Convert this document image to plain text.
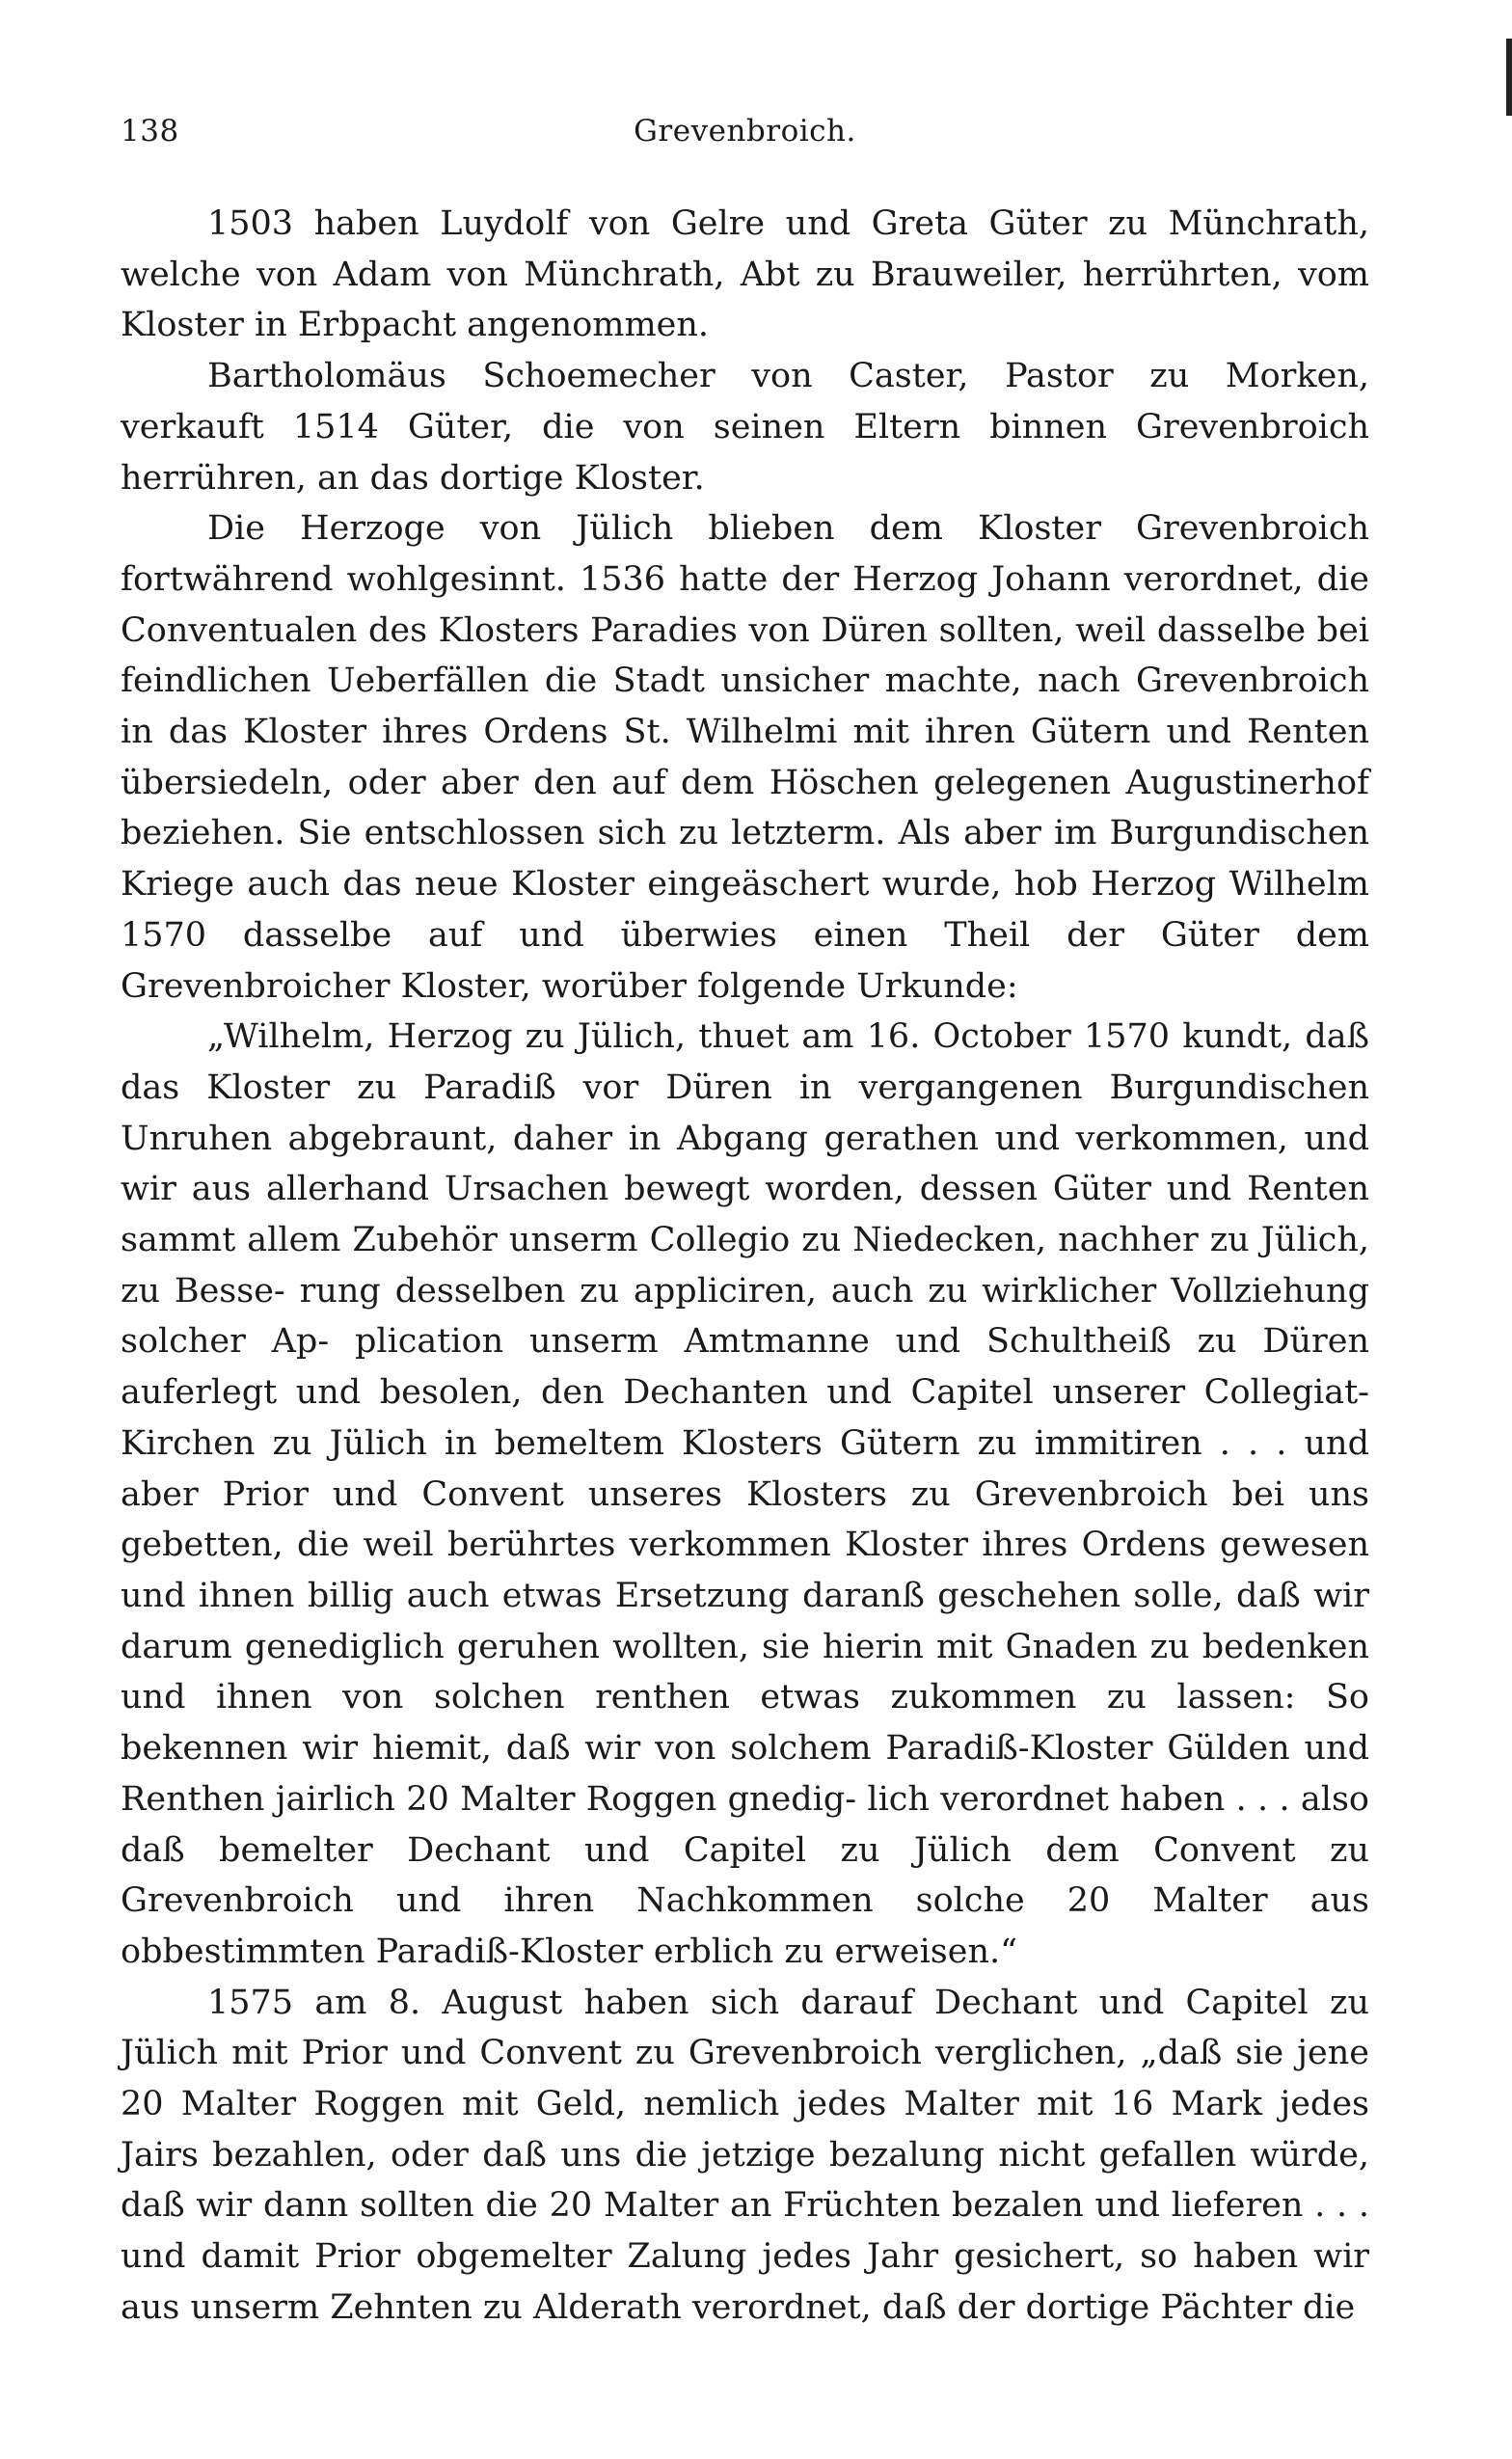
138	Grevenbroich.

1503 haben Luydolf von Gelre und Greta Güter zu Münchrath, welche von Adam von Münchrath, Abt zu Brauweiler, herrührten, vom Kloster in Erbpacht angenommen.

Bartholomäus Schoemecher von Caster, Pastor zu Morken, verkauft 1514 Güter, die von seinen Eltern binnen Grevenbroich herrühren, an das dortige Kloster.

Die Herzoge von Jülich blieben dem Kloster Grevenbroich fortwährend wohlgesinnt. 1536 hatte der Herzog Johann verordnet, die Conventualen des Klosters Paradies von Düren sollten, weil dasselbe bei feindlichen Ueberfällen die Stadt unsicher machte, nach Grevenbroich in das Kloster ihres Ordens St. Wilhelmi mit ihren Gütern und Renten übersiedeln, oder aber den auf dem Höschen gelegenen Augustinerhof beziehen. Sie entschlossen sich zu letzterm. Als aber im Burgundischen Kriege auch das neue Kloster eingeäschert wurde, hob Herzog Wilhelm 1570 dasselbe auf und überwies einen Theil der Güter dem Grevenbroicher Kloster, worüber folgende Urkunde:

„Wilhelm, Herzog zu Jülich, thuet am 16. October 1570 kundt, daß das Kloster zu Paradiß vor Düren in vergangenen Burgundischen Unruhen abgebraunt, daher in Abgang gerathen und verkommen, und wir aus allerhand Ursachen bewegt worden, dessen Güter und Renten sammt allem Zubehör unserm Collegio zu Niedecken, nachher zu Jülich, zu Besse- rung desselben zu appliciren, auch zu wirklicher Vollziehung solcher Ap- plication unserm Amtmanne und Schultheiß zu Düren auferlegt und besolen, den Dechanten und Capitel unserer Collegiat-Kirchen zu Jülich in bemeltem Klosters Gütern zu immitiren . . . und aber Prior und Convent unseres Klosters zu Grevenbroich bei uns gebetten, die weil berührtes verkommen Kloster ihres Ordens gewesen und ihnen billig auch etwas Ersetzung daranß geschehen solle, daß wir darum genediglich geruhen wollten, sie hierin mit Gnaden zu bedenken und ihnen von solchen renthen etwas zukommen zu lassen: So bekennen wir hiemit, daß wir von solchem Paradiß-Kloster Gülden und Renthen jairlich 20 Malter Roggen gnedig- lich verordnet haben . . . also daß bemelter Dechant und Capitel zu Jülich dem Convent zu Grevenbroich und ihren Nachkommen solche 20 Malter aus obbestimmten Paradiß-Kloster erblich zu erweisen.“

1575 am 8. August haben sich darauf Dechant und Capitel zu Jülich mit Prior und Convent zu Grevenbroich verglichen, „daß sie jene 20 Malter Roggen mit Geld, nemlich jedes Malter mit 16 Mark jedes Jairs bezahlen, oder daß uns die jetzige bezalung nicht gefallen würde, daß wir dann sollten die 20 Malter an Früchten bezalen und lieferen . . . und damit Prior obgemelter Zalung jedes Jahr gesichert, so haben wir aus unserm Zehnten zu Alderath verordnet, daß der dortige Pächter die
